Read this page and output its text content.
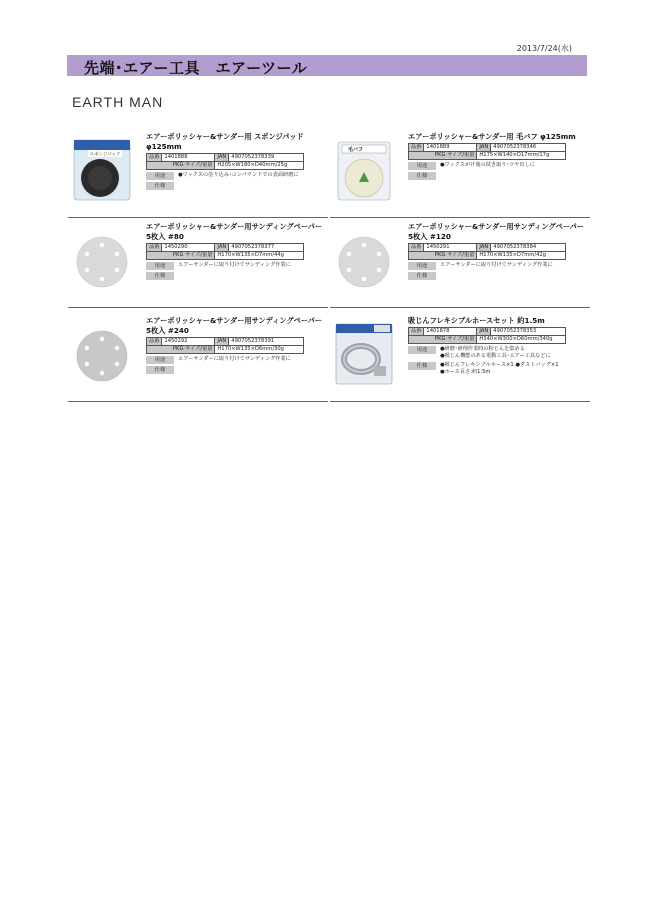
2013/7/24(水)
先端･エアー工具　エアーツール
EARTH MAN
スポンジパッド
エアーポリッシャー&サンダー用 スポンジパッド
φ125mm
品番	1401888	JAN	4907052378339
PKG サイズ/重量		H205×W180×D40mm/25g	
用途	●ワックスの塗り込み･コンパウンドでの表面研磨に
仕様
毛バフ
エアーポリッシャー&サンダー用 毛バフ φ125mm
品番	1401889	JAN	4907052378346
PKG サイズ/重量		H175×W140×D17mm/17g	
用途	●ワックスがけ後の拭き取り･ツヤ出しに
仕様
エアーポリッシャー&サンダー用サンディングペーパー
5枚入 #80
品番	1450290	JAN	4907052378377
PKG サイズ/重量		H170×W135×D7mm/44g	
用途	エアーサンダーに取り付けてサンディング作業に
仕様
エアーポリッシャー&サンダー用サンディングペーパー
5枚入 #120
品番	1450291	JAN	4907052378384
PKG サイズ/重量		H170×W135×D7mm/42g	
用途	エアーサンダーに取り付けてサンディング作業に
仕様
エアーポリッシャー&サンダー用サンディングペーパー
5枚入 #240
品番	1450292	JAN	4907052378391
PKG サイズ/重量		H170×W135×D6mm/30g	
用途	エアーサンダーに取り付けてサンディング作業に
仕様
吸じんフレキシブルホースセット 約1.5m
品番	1401878	JAN	4907052378353
PKG サイズ/重量		H340×W300×D60mm/340g	
用途	●研磨･研削作業時の粉じんを集める
●吸じん機能のある電動工具･エアー工具などに
仕様	●吸じんフレキシブルホース×1 ●ダストバッグ×1
●ホース長さ:約1.5m
